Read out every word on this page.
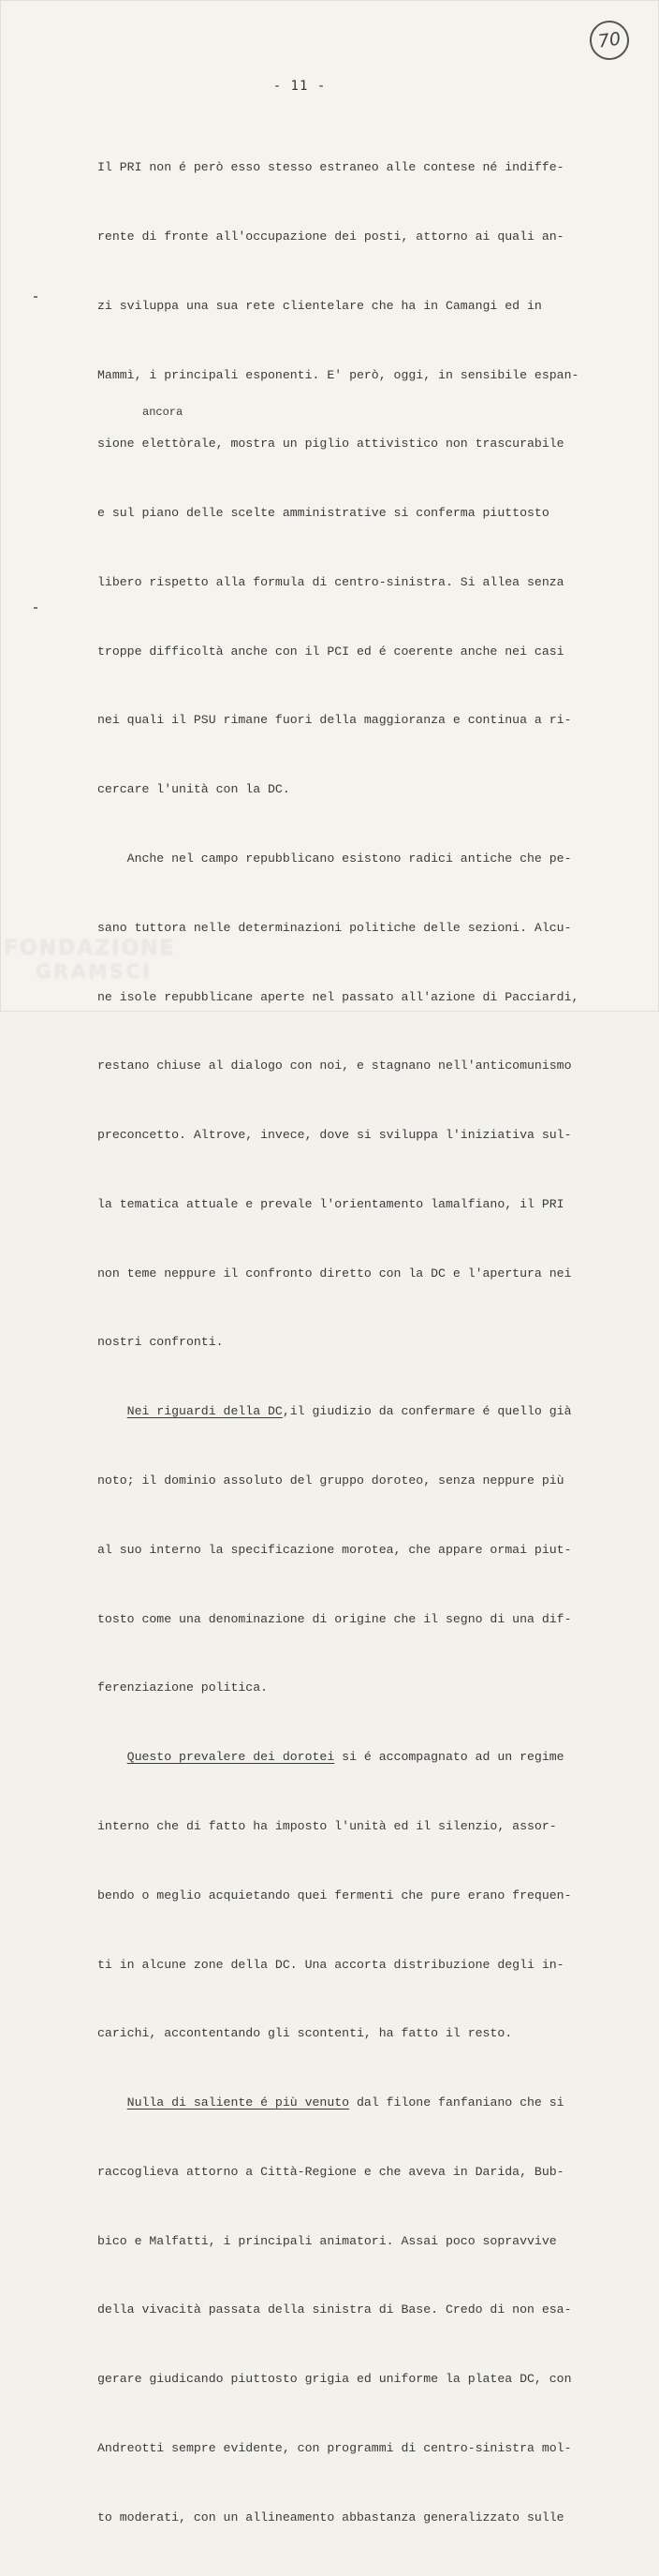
70
- 11 -
ancora

Il PRI non é però esso stesso estraneo alle contese né indiffe-

rente di fronte all'occupazione dei posti, attorno ai quali an-

zi sviluppa una sua rete clientelare che ha in Camangi ed in

Mammì, i principali esponenti. E' però, oggi, in sensibile espan-

sione elettòrale, mostra un piglio attivistico non trascurabile

e sul piano delle scelte amministrative si conferma piuttosto

libero rispetto alla formula di centro-sinistra. Si allea senza

troppe difficoltà anche con il PCI ed é coerente anche nei casi

nei quali il PSU rimane fuori della maggioranza e continua a ri-

cercare l'unità con la DC.

Anche nel campo repubblicano esistono radici antiche che pe-

sano tuttora nelle determinazioni politiche delle sezioni. Alcu-

ne isole repubblicane aperte nel passato all'azione di Pacciardi,

restano chiuse al dialogo con noi, e stagnano nell'anticomunismo

preconcetto. Altrove, invece, dove si sviluppa l'iniziativa sul-

la tematica attuale e prevale l'orientamento lamalfiano, il PRI

non teme neppure il confronto diretto con la DC e l'apertura nei

nostri confronti.

Nei riguardi della DC,il giudizio da confermare é quello già

noto; il dominio assoluto del gruppo doroteo, senza neppure più

al suo interno la specificazione morotea, che appare ormai piut-

tosto come una denominazione di origine che il segno di una dif-

ferenziazione politica.

Questo prevalere dei dorotei si é accompagnato ad un regime

interno che di fatto ha imposto l'unità ed il silenzio, assor-

bendo o meglio acquietando quei fermenti che pure erano frequen-

ti in alcune zone della DC. Una accorta distribuzione degli in-

carichi, accontentando gli scontenti, ha fatto il resto.

Nulla di saliente é più venuto dal filone fanfaniano che si

raccoglieva attorno a Città-Regione e che aveva in Darida, Bub-

bico e Malfatti, i principali animatori. Assai poco sopravvive

della vivacità passata della sinistra di Base. Credo di non esa-

gerare giudicando piuttosto grigia ed uniforme la platea DC, con

Andreotti sempre evidente, con programmi di centro-sinistra mol-

to moderati, con un allineamento abbastanza generalizzato sulle

FONDAZIONE
GRAMSCI
